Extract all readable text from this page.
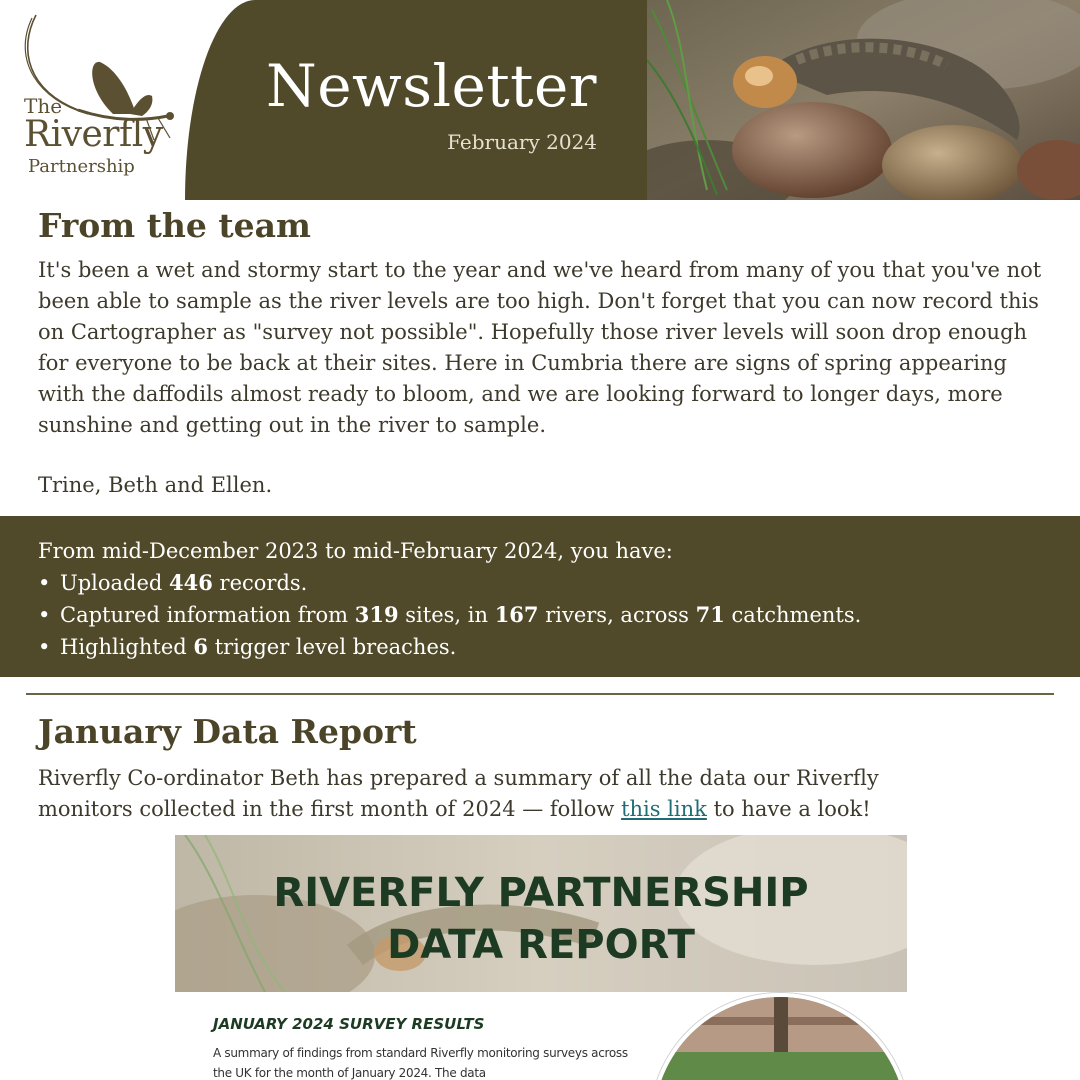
The
Riverfly
Partnership
Newsletter
February 2024
From the team

It's been a wet and stormy start to the year and we've heard from many of you that you've not been able to sample as the river levels are too high. Don't forget that you can now record this on Cartographer as "survey not possible". Hopefully those river levels will soon drop enough for everyone to be back at their sites. Here in Cumbria there are signs of spring appearing with the daffodils almost ready to bloom, and we are looking forward to longer days, more sunshine and getting out in the river to sample.

Trine, Beth and Ellen.

From mid-December 2023 to mid-February 2024, you have:
• Uploaded 446 records.
• Captured information from 319 sites, in 167 rivers, across 71 catchments.
• Highlighted 6 trigger level breaches.
January Data Report

Riverfly Co-ordinator Beth has prepared a summary of all the data our Riverfly monitors collected in the first month of 2024 — follow this link to have a look!

RIVERFLY PARTNERSHIP
DATA REPORT
JANUARY 2024 SURVEY RESULTS
A summary of findings from standard Riverfly monitoring surveys across the UK for the month of January 2024. The data
